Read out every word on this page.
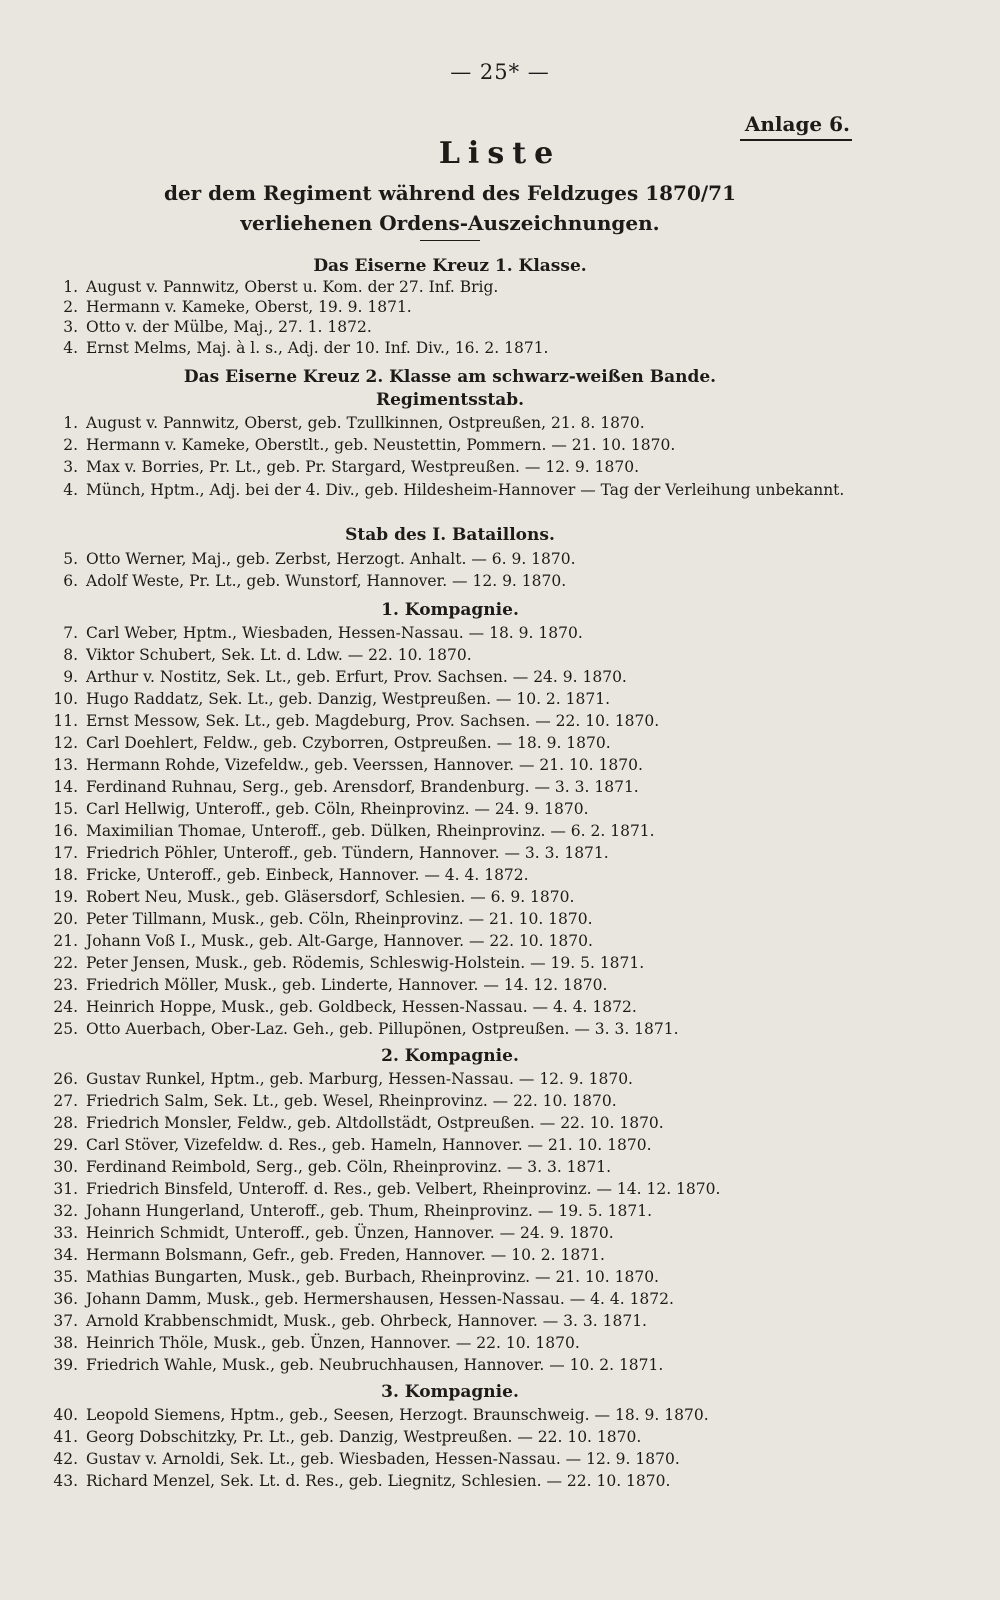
— 25* —
Anlage 6.
Liste
der dem Regiment während des Feldzuges 1870/71 verliehenen Ordens-Auszeichnungen.
Das Eiserne Kreuz 1. Klasse.
1. August v. Pannwitz, Oberst u. Kom. der 27. Inf. Brig.
2. Hermann v. Kameke, Oberst, 19. 9. 1871.
3. Otto v. der Mülbe, Maj., 27. 1. 1872.
4. Ernst Melms, Maj. à l. s., Adj. der 10. Inf. Div., 16. 2. 1871.
Das Eiserne Kreuz 2. Klasse am schwarz-weißen Bande.
Regimentsstab.
1. August v. Pannwitz, Oberst, geb. Tzullkinnen, Ostpreußen, 21. 8. 1870.
2. Hermann v. Kameke, Oberstlt., geb. Neustettin, Pommern. — 21. 10. 1870.
3. Max v. Borries, Pr. Lt., geb. Pr. Stargard, Westpreußen. — 12. 9. 1870.
4. Münch, Hptm., Adj. bei der 4. Div., geb. Hildesheim-Hannover — Tag der Verleihung unbekannt.
Stab des I. Bataillons.
5. Otto Werner, Maj., geb. Zerbst, Herzogt. Anhalt. — 6. 9. 1870.
6. Adolf Weste, Pr. Lt., geb. Wunstorf, Hannover. — 12. 9. 1870.
1. Kompagnie.
7. Carl Weber, Hptm., Wiesbaden, Hessen-Nassau. — 18. 9. 1870.
8. Viktor Schubert, Sek. Lt. d. Ldw. — 22. 10. 1870.
9. Arthur v. Nostitz, Sek. Lt., geb. Erfurt, Prov. Sachsen. — 24. 9. 1870.
10. Hugo Raddatz, Sek. Lt., geb. Danzig, Westpreußen. — 10. 2. 1871.
11. Ernst Messow, Sek. Lt., geb. Magdeburg, Prov. Sachsen. — 22. 10. 1870.
12. Carl Doehlert, Feldw., geb. Czyborren, Ostpreußen. — 18. 9. 1870.
13. Hermann Rohde, Vizefeldw., geb. Veerssen, Hannover. — 21. 10. 1870.
14. Ferdinand Ruhnau, Serg., geb. Arensdorf, Brandenburg. — 3. 3. 1871.
15. Carl Hellwig, Unteroff., geb. Cöln, Rheinprovinz. — 24. 9. 1870.
16. Maximilian Thomae, Unteroff., geb. Dülken, Rheinprovinz. — 6. 2. 1871.
17. Friedrich Pöhler, Unteroff., geb. Tündern, Hannover. — 3. 3. 1871.
18. Fricke, Unteroff., geb. Einbeck, Hannover. — 4. 4. 1872.
19. Robert Neu, Musk., geb. Gläsersdorf, Schlesien. — 6. 9. 1870.
20. Peter Tillmann, Musk., geb. Cöln, Rheinprovinz. — 21. 10. 1870.
21. Johann Voß I., Musk., geb. Alt-Garge, Hannover. — 22. 10. 1870.
22. Peter Jensen, Musk., geb. Rödemis, Schleswig-Holstein. — 19. 5. 1871.
23. Friedrich Möller, Musk., geb. Linderte, Hannover. — 14. 12. 1870.
24. Heinrich Hoppe, Musk., geb. Goldbeck, Hessen-Nassau. — 4. 4. 1872.
25. Otto Auerbach, Ober-Laz. Geh., geb. Pillupönen, Ostpreußen. — 3. 3. 1871.
2. Kompagnie.
26. Gustav Runkel, Hptm., geb. Marburg, Hessen-Nassau. — 12. 9. 1870.
27. Friedrich Salm, Sek. Lt., geb. Wesel, Rheinprovinz. — 22. 10. 1870.
28. Friedrich Monsler, Feldw., geb. Altdollstädt, Ostpreußen. — 22. 10. 1870.
29. Carl Stöver, Vizefeldw. d. Res., geb. Hameln, Hannover. — 21. 10. 1870.
30. Ferdinand Reimbold, Serg., geb. Cöln, Rheinprovinz. — 3. 3. 1871.
31. Friedrich Binsfeld, Unteroff. d. Res., geb. Velbert, Rheinprovinz. — 14. 12. 1870.
32. Johann Hungerland, Unteroff., geb. Thum, Rheinprovinz. — 19. 5. 1871.
33. Heinrich Schmidt, Unteroff., geb. Ünzen, Hannover. — 24. 9. 1870.
34. Hermann Bolsmann, Gefr., geb. Freden, Hannover. — 10. 2. 1871.
35. Mathias Bungarten, Musk., geb. Burbach, Rheinprovinz. — 21. 10. 1870.
36. Johann Damm, Musk., geb. Hermershausen, Hessen-Nassau. — 4. 4. 1872.
37. Arnold Krabbenschmidt, Musk., geb. Ohrbeck, Hannover. — 3. 3. 1871.
38. Heinrich Thöle, Musk., geb. Ünzen, Hannover. — 22. 10. 1870.
39. Friedrich Wahle, Musk., geb. Neubruchhausen, Hannover. — 10. 2. 1871.
3. Kompagnie.
40. Leopold Siemens, Hptm., geb., Seesen, Herzogt. Braunschweig. — 18. 9. 1870.
41. Georg Dobschitzky, Pr. Lt., geb. Danzig, Westpreußen. — 22. 10. 1870.
42. Gustav v. Arnoldi, Sek. Lt., geb. Wiesbaden, Hessen-Nassau. — 12. 9. 1870.
43. Richard Menzel, Sek. Lt. d. Res., geb. Liegnitz, Schlesien. — 22. 10. 1870.
